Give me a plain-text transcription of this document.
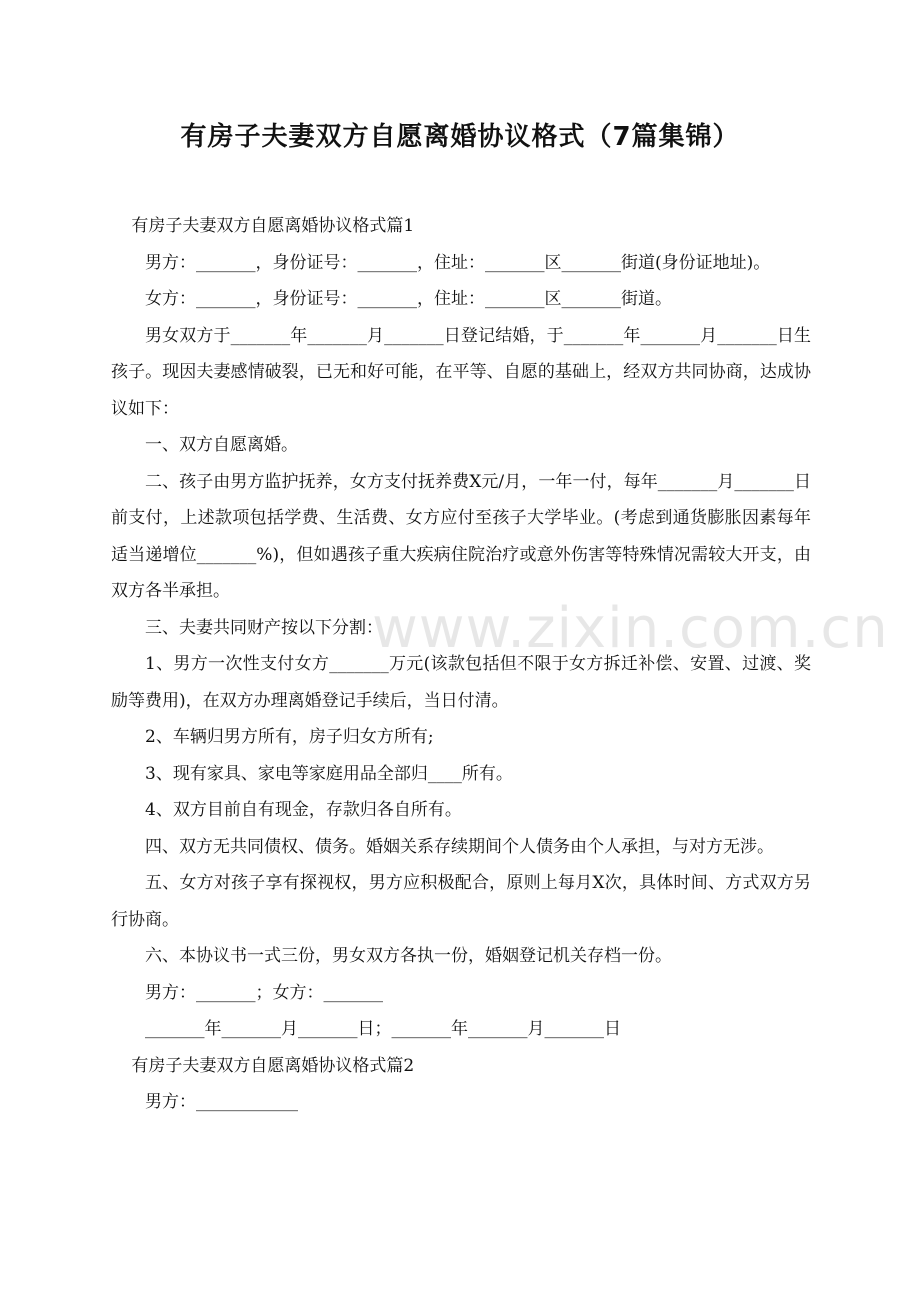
有房子夫妻双方自愿离婚协议格式（7篇集锦）

有房子夫妻双方自愿离婚协议格式篇1

男方：_______，身份证号：_______，住址：_______区_______街道(身份证地址)。

女方：_______，身份证号：_______，住址：_______区_______街道。

男女双方于_______年_______月_______日登记结婚，于_______年_______月_______日生孩子。现因夫妻感情破裂，已无和好可能，在平等、自愿的基础上，经双方共同协商，达成协议如下：

一、双方自愿离婚。

二、孩子由男方监护抚养，女方支付抚养费X元/月，一年一付，每年_______月_______日前支付，上述款项包括学费、生活费、女方应付至孩子大学毕业。(考虑到通货膨胀因素每年适当递增位_______%)，但如遇孩子重大疾病住院治疗或意外伤害等特殊情况需较大开支，由双方各半承担。

三、夫妻共同财产按以下分割：

1、男方一次性支付女方_______万元(该款包括但不限于女方拆迁补偿、安置、过渡、奖励等费用)，在双方办理离婚登记手续后，当日付清。

2、车辆归男方所有，房子归女方所有;

3、现有家具、家电等家庭用品全部归____所有。

4、双方目前自有现金，存款归各自所有。

四、双方无共同债权、债务。婚姻关系存续期间个人债务由个人承担，与对方无涉。

五、女方对孩子享有探视权，男方应积极配合，原则上每月X次，具体时间、方式双方另行协商。

六、本协议书一式三份，男女双方各执一份，婚姻登记机关存档一份。

男方：_______；女方：_______

_______年_______月_______日；_______年_______月_______日

有房子夫妻双方自愿离婚协议格式篇2

男方：____________

www.zixin.com.cn
